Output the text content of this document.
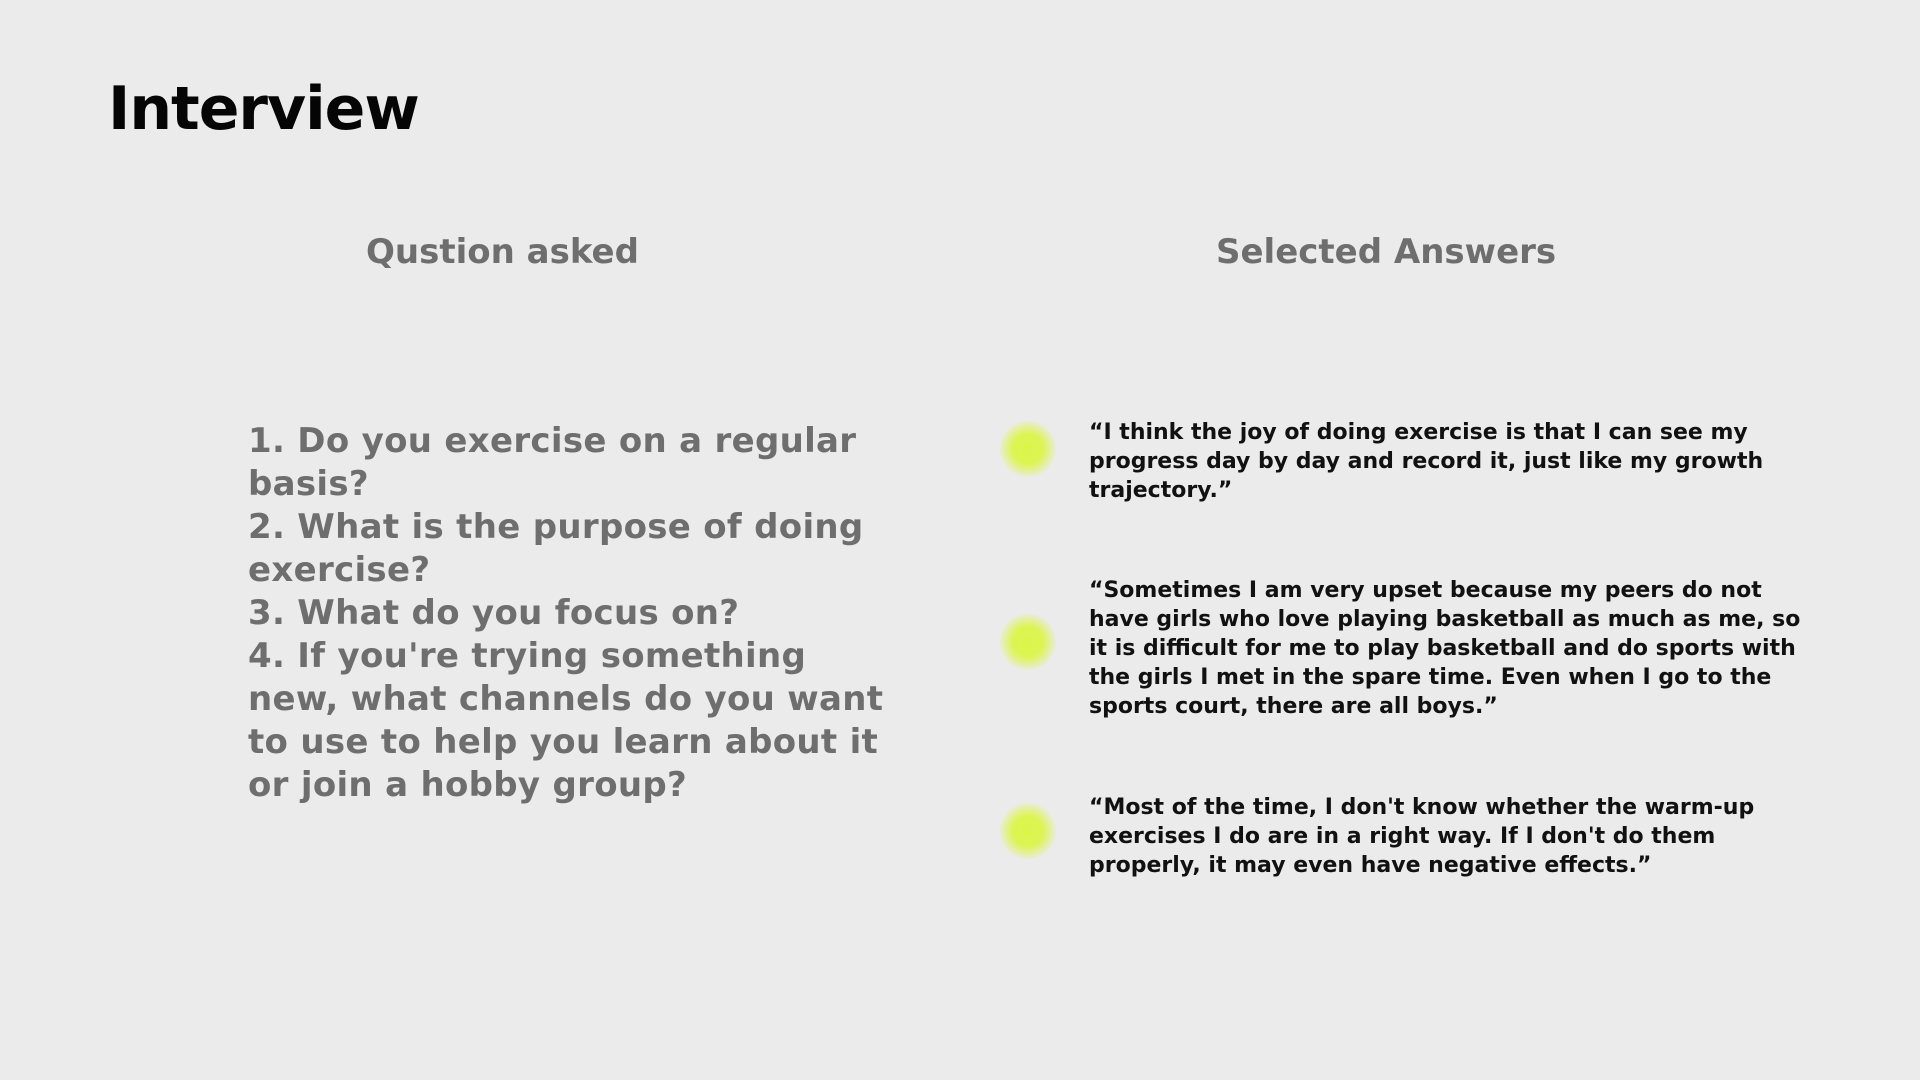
Interview
Qustion asked	Selected Answers
1. Do you exercise on a regular basis?
2. What is the purpose of doing exercise?
3. What do you focus on?
4. If you're trying something new, what channels do you want to use to help you learn about it or join a hobby group?

“I think the joy of doing exercise is that I can see my progress day by day and record it, just like my growth trajectory.”

“Sometimes I am very upset because my peers do not have girls who love playing basketball as much as me, so it is difficult for me to play basketball and do sports with the girls I met in the spare time. Even when I go to the sports court, there are all boys.”

“Most of the time, I don't know whether the warm-up exercises I do are in a right way. If I don't do them properly, it may even have negative effects.”
